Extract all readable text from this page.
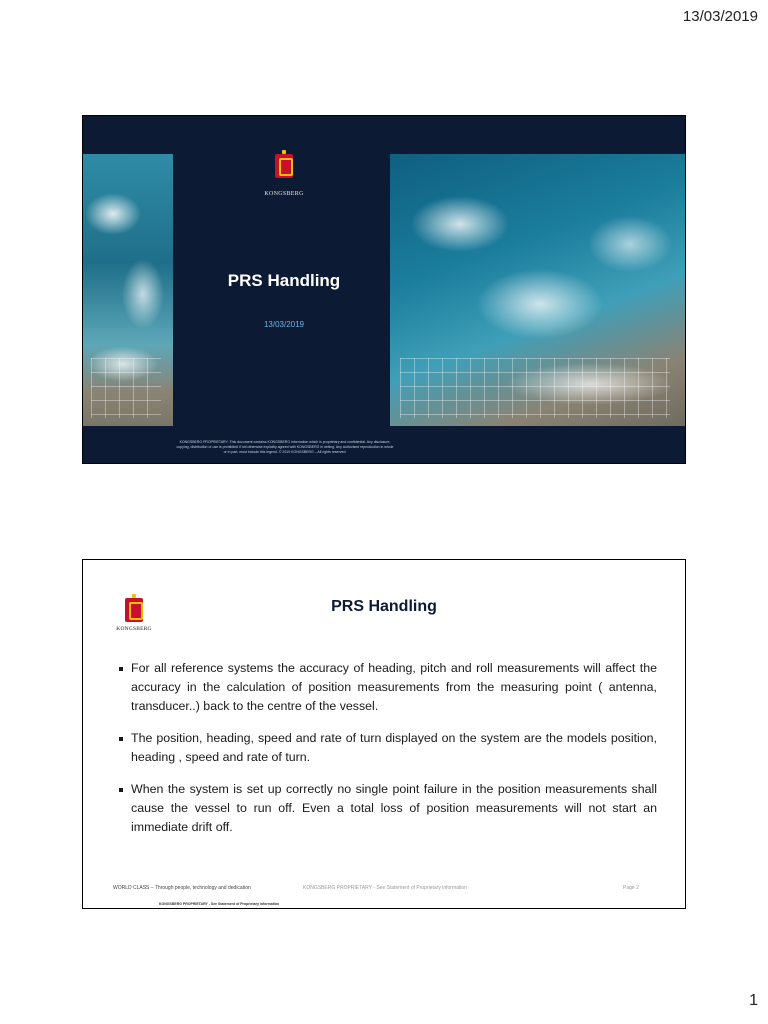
13/03/2019
KONGSBERG
PRS Handling
13/03/2019
KONGSBERG PROPRIETARY: This document contains KONGSBERG information which is proprietary and confidential. Any disclosure, copying, distribution or use is prohibited if not otherwise explicitly agreed with KONGSBERG in writing. Any authorised reproduction in whole or in part, must include this legend. © 2019 KONGSBERG – All rights reserved.
KONGSBERG
PRS Handling
For all reference systems the accuracy of heading, pitch and roll measurements will affect the accuracy in the calculation of position measurements from the measuring point ( antenna, transducer..) back to the centre of the vessel.
The position, heading, speed and rate of turn displayed on the system are the models position, heading , speed and rate of turn.
When the system is set up correctly no single point failure in the position measurements shall cause the vessel to run off. Even a total loss of position measurements will not start an immediate drift off.
WORLD CLASS – Through people, technology and dedication	KONGSBERG PROPRIETARY - See Statement of Proprietary information	Page 2
KONGSBERG PROPRIETARY - See Statement of Proprietary information
1
